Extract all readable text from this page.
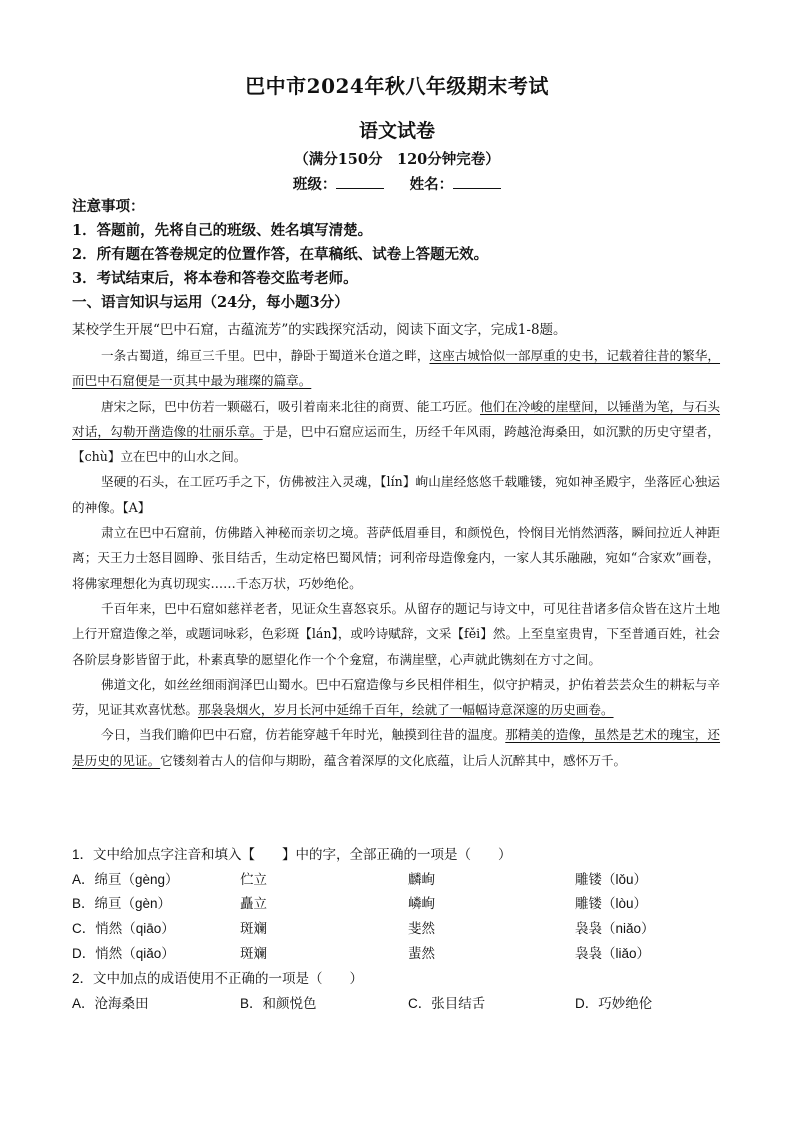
巴中市2024年秋八年级期末考试
语文试卷
（满分150分　120分钟完卷）
班级：	姓名：
注意事项：
1．答题前，先将自己的班级、姓名填写清楚。
2．所有题在答卷规定的位置作答，在草稿纸、试卷上答题无效。
3．考试结束后，将本卷和答卷交监考老师。
一、语言知识与运用（24分，每小题3分）
某校学生开展“巴中石窟，古蕴流芳”的实践探究活动，阅读下面文字，完成1-8题。

一条古蜀道，绵亘三千里。巴中，静卧于蜀道米仓道之畔，这座古城恰似一部厚重的史书，记载着往昔的繁华，而巴中石窟便是一页其中最为璀璨的篇章。

唐宋之际，巴中仿若一颗磁石，吸引着南来北往的商贾、能工巧匠。他们在冷峻的崖壁间，以锤凿为笔，与石头对话，勾勒开凿造像的壮丽乐章。于是，巴中石窟应运而生，历经千年风雨，跨越沧海桑田，如沉默的历史守望者，【chù】立在巴中的山水之间。

坚硬的石头，在工匠巧手之下，仿佛被注入灵魂，【lín】峋山崖经悠悠千载雕镂，宛如神圣殿宇，坐落匠心独运的神像。【A】

肃立在巴中石窟前，仿佛踏入神秘而亲切之境。菩萨低眉垂目，和颜悦色，怜悯目光悄然洒落，瞬间拉近人神距离；天王力士怒目圆睁、张目结舌，生动定格巴蜀风情；诃利帝母造像龛内，一家人其乐融融，宛如“合家欢”画卷，将佛家理想化为真切现实……千态万状，巧妙绝伦。

千百年来，巴中石窟如慈祥老者，见证众生喜怒哀乐。从留存的题记与诗文中，可见往昔诸多信众皆在这片土地上行开窟造像之举，或题词咏彩，色彩斑【lán】，或吟诗赋辞，文采【fěi】然。上至皇室贵胄，下至普通百姓，社会各阶层身影皆留于此，朴素真挚的愿望化作一个个龛窟，布满崖壁，心声就此镌刻在方寸之间。

佛道文化，如丝丝细雨润泽巴山蜀水。巴中石窟造像与乡民相伴相生，似守护精灵，护佑着芸芸众生的耕耘与辛劳，见证其欢喜忧愁。那袅袅烟火，岁月长河中延绵千百年，绘就了一幅幅诗意深邃的历史画卷。

今日，当我们瞻仰巴中石窟，仿若能穿越千年时光，触摸到往昔的温度。那精美的造像，虽然是艺术的瑰宝，还是历史的见证。它镂刻着古人的信仰与期盼，蕴含着深厚的文化底蕴，让后人沉醉其中，感怀万千。

1．文中给加点字注音和填入【　　】中的字，全部正确的一项是（　　）
A．绵亘（gèng）	伫立	麟峋	雕镂（lǒu）
B．绵亘（gèn）	矗立	嶙峋	雕镂（lòu）
C．悄然（qiāo）	斑斓	斐然	袅袅（niǎo）
D．悄然（qiǎo）	斑斓	蜚然	袅袅（liǎo）
2．文中加点的成语使用不正确的一项是（　　）
A．沧海桑田	B．和颜悦色	C．张目结舌	D．巧妙绝伦
